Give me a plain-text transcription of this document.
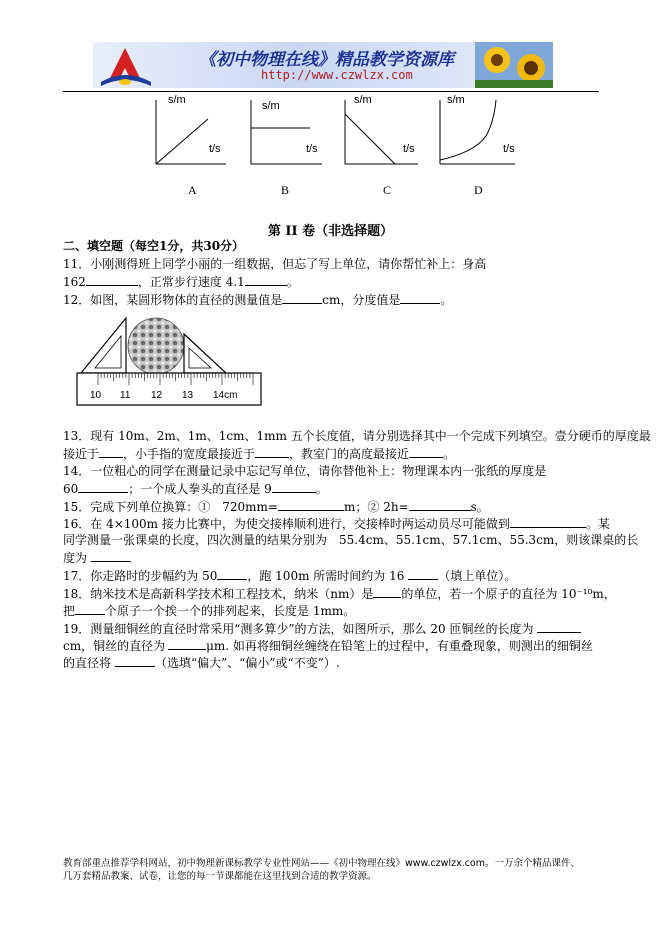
《初中物理在线》精品教学资源库
http://www.czwlzx.com
s/m
t/s
s/m
t/s
s/m
t/s
s/m
t/s
A	B	C	D
第 II 卷（非选择题）
二、填空题（每空1分，共30分）
11．小刚测得班上同学小丽的一组数据，但忘了写上单位，请你帮忙补上：身高
162	，正常步行速度 4.1	。
12．如图，某圆形物体的直径的测量值是	cm，分度值是	。
10 11 12 13 14cm
13．现有 10m、2m、1m、1cm、1mm 五个长度值，请分别选择其中一个完成下列填空。壹分硬币的厚度最
接近于 ，小手指的宽度最接近于	，教室门的高度最接近	。
14．一位粗心的同学在测量记录中忘记写单位，请你替他补上：物理课本内一张纸的厚度是
60	；一个成人拳头的直径是 9	。
15．完成下列单位换算：①　720mm=	m；② 2h=	s。
16．在 4×100m 接力比赛中，为使交接棒顺利进行，交接棒时两运动员尽可能做到	。某
同学测量一张课桌的长度，四次测量的结果分别为　55.4cm、55.1cm、57.1cm、55.3cm，则该课桌的长
度为
17．你走路时的步幅约为 50	，跑 100m 所需时间约为 16	（填上单位）。
18．纳米技术是高新科学技术和工程技术，纳米（nm）是 的单位，若一个原子的直径为 10⁻¹⁰m，
把	个原子一个挨一个的排列起来，长度是 1mm。
19．测量细铜丝的直径时常采用“测多算少”的方法，如图所示，那么 20 匝铜丝的长度为
cm，铜丝的直径为	μm. 如再将细铜丝缠绕在铅笔上的过程中，有重叠现象，则测出的细铜丝
的直径将	（选填“偏大”、“偏小”或“不变”）.
教育部重点推荐学科网站，初中物理新课标教学专业性网站——《初中物理在线》www.czwlzx.com。一万余个精品课件、
几万套精品教案、试卷，让您的每一节课都能在这里找到合适的教学资源。
